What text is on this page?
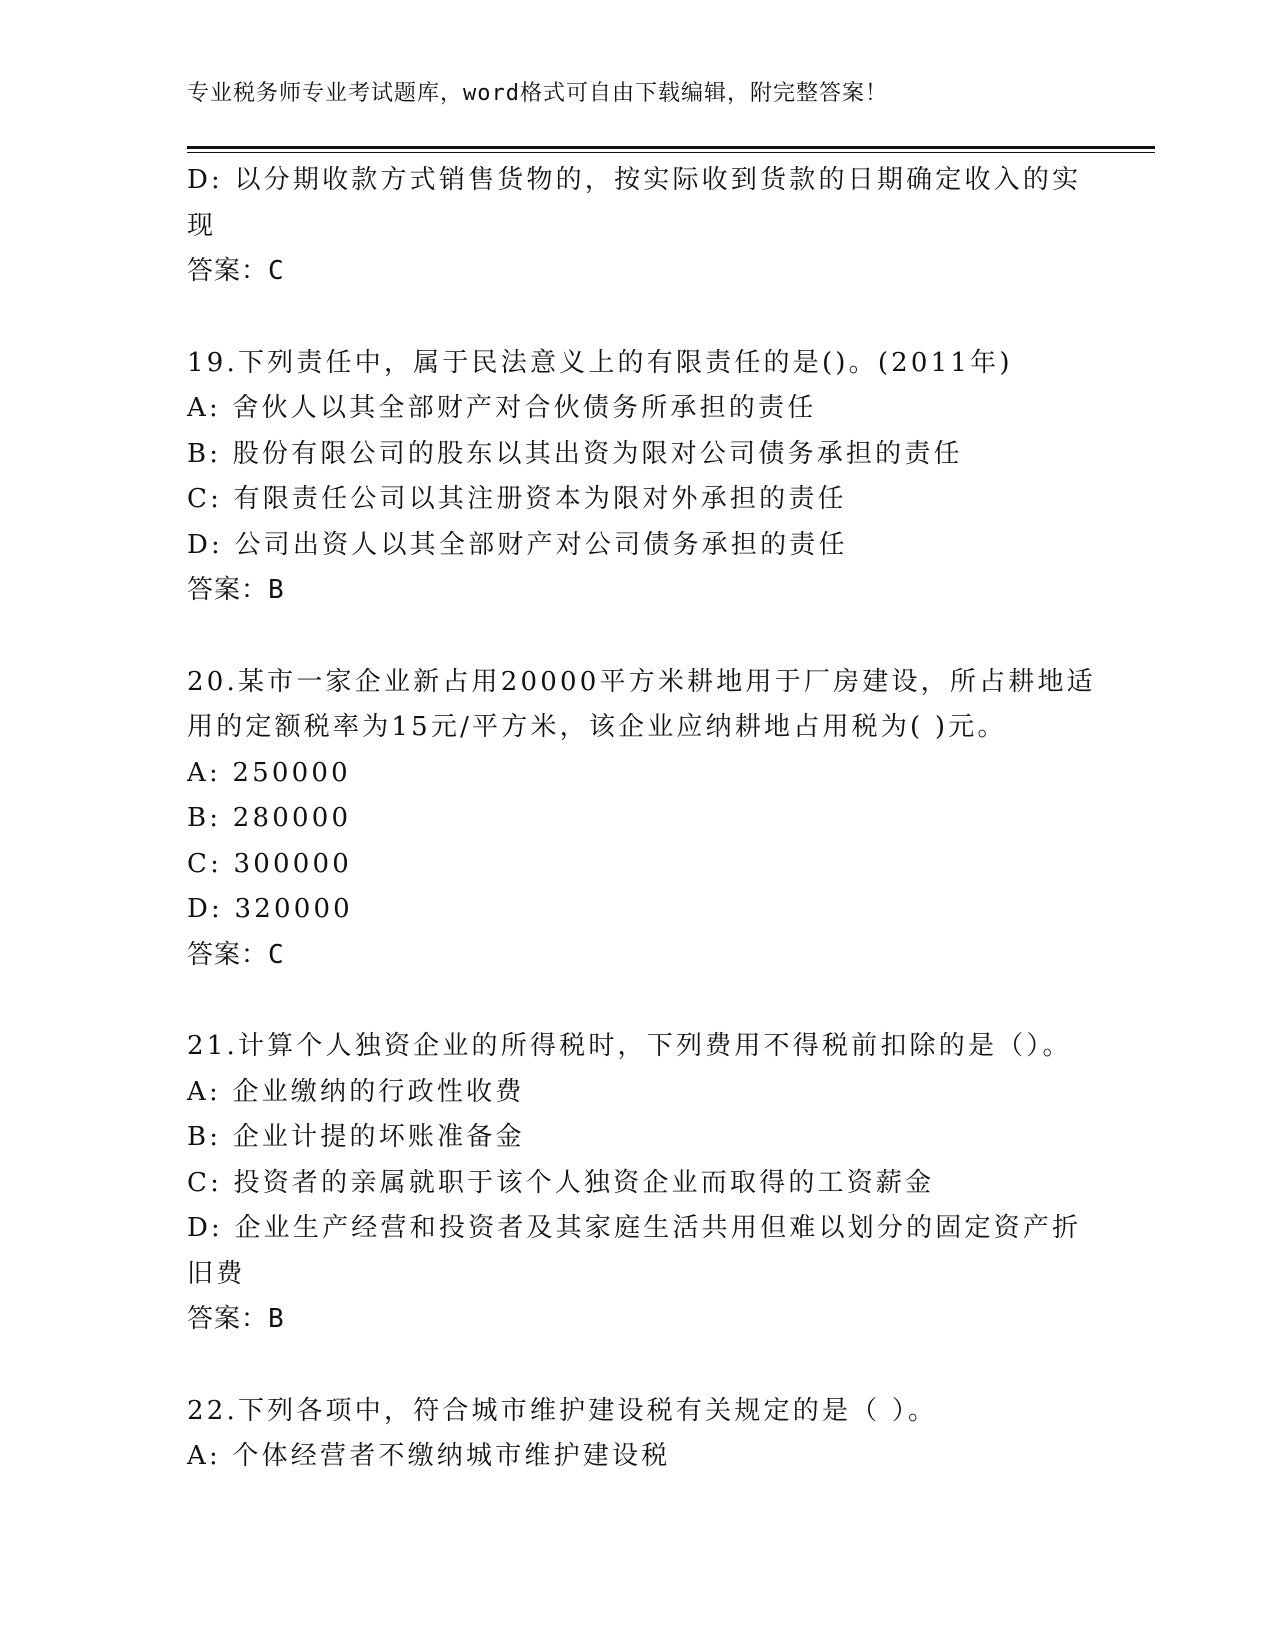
专业税务师专业考试题库，word格式可自由下载编辑，附完整答案！

D: 以分期收款方式销售货物的，按实际收到货款的日期确定收入的实

现

答案：C

19.下列责任中，属于民法意义上的有限责任的是()。(2011年)

A: 舍伙人以其全部财产对合伙债务所承担的责任

B: 股份有限公司的股东以其出资为限对公司债务承担的责任

C: 有限责任公司以其注册资本为限对外承担的责任

D: 公司出资人以其全部财产对公司债务承担的责任

答案：B

20.某市一家企业新占用20000平方米耕地用于厂房建设，所占耕地适

用的定额税率为15元/平方米，该企业应纳耕地占用税为( )元。

A: 250000

B: 280000

C: 300000

D: 320000

答案：C

21.计算个人独资企业的所得税时，下列费用不得税前扣除的是（）。

A: 企业缴纳的行政性收费

B: 企业计提的坏账准备金

C: 投资者的亲属就职于该个人独资企业而取得的工资薪金

D: 企业生产经营和投资者及其家庭生活共用但难以划分的固定资产折

旧费

答案：B

22.下列各项中，符合城市维护建设税有关规定的是（ ）。

A: 个体经营者不缴纳城市维护建设税
